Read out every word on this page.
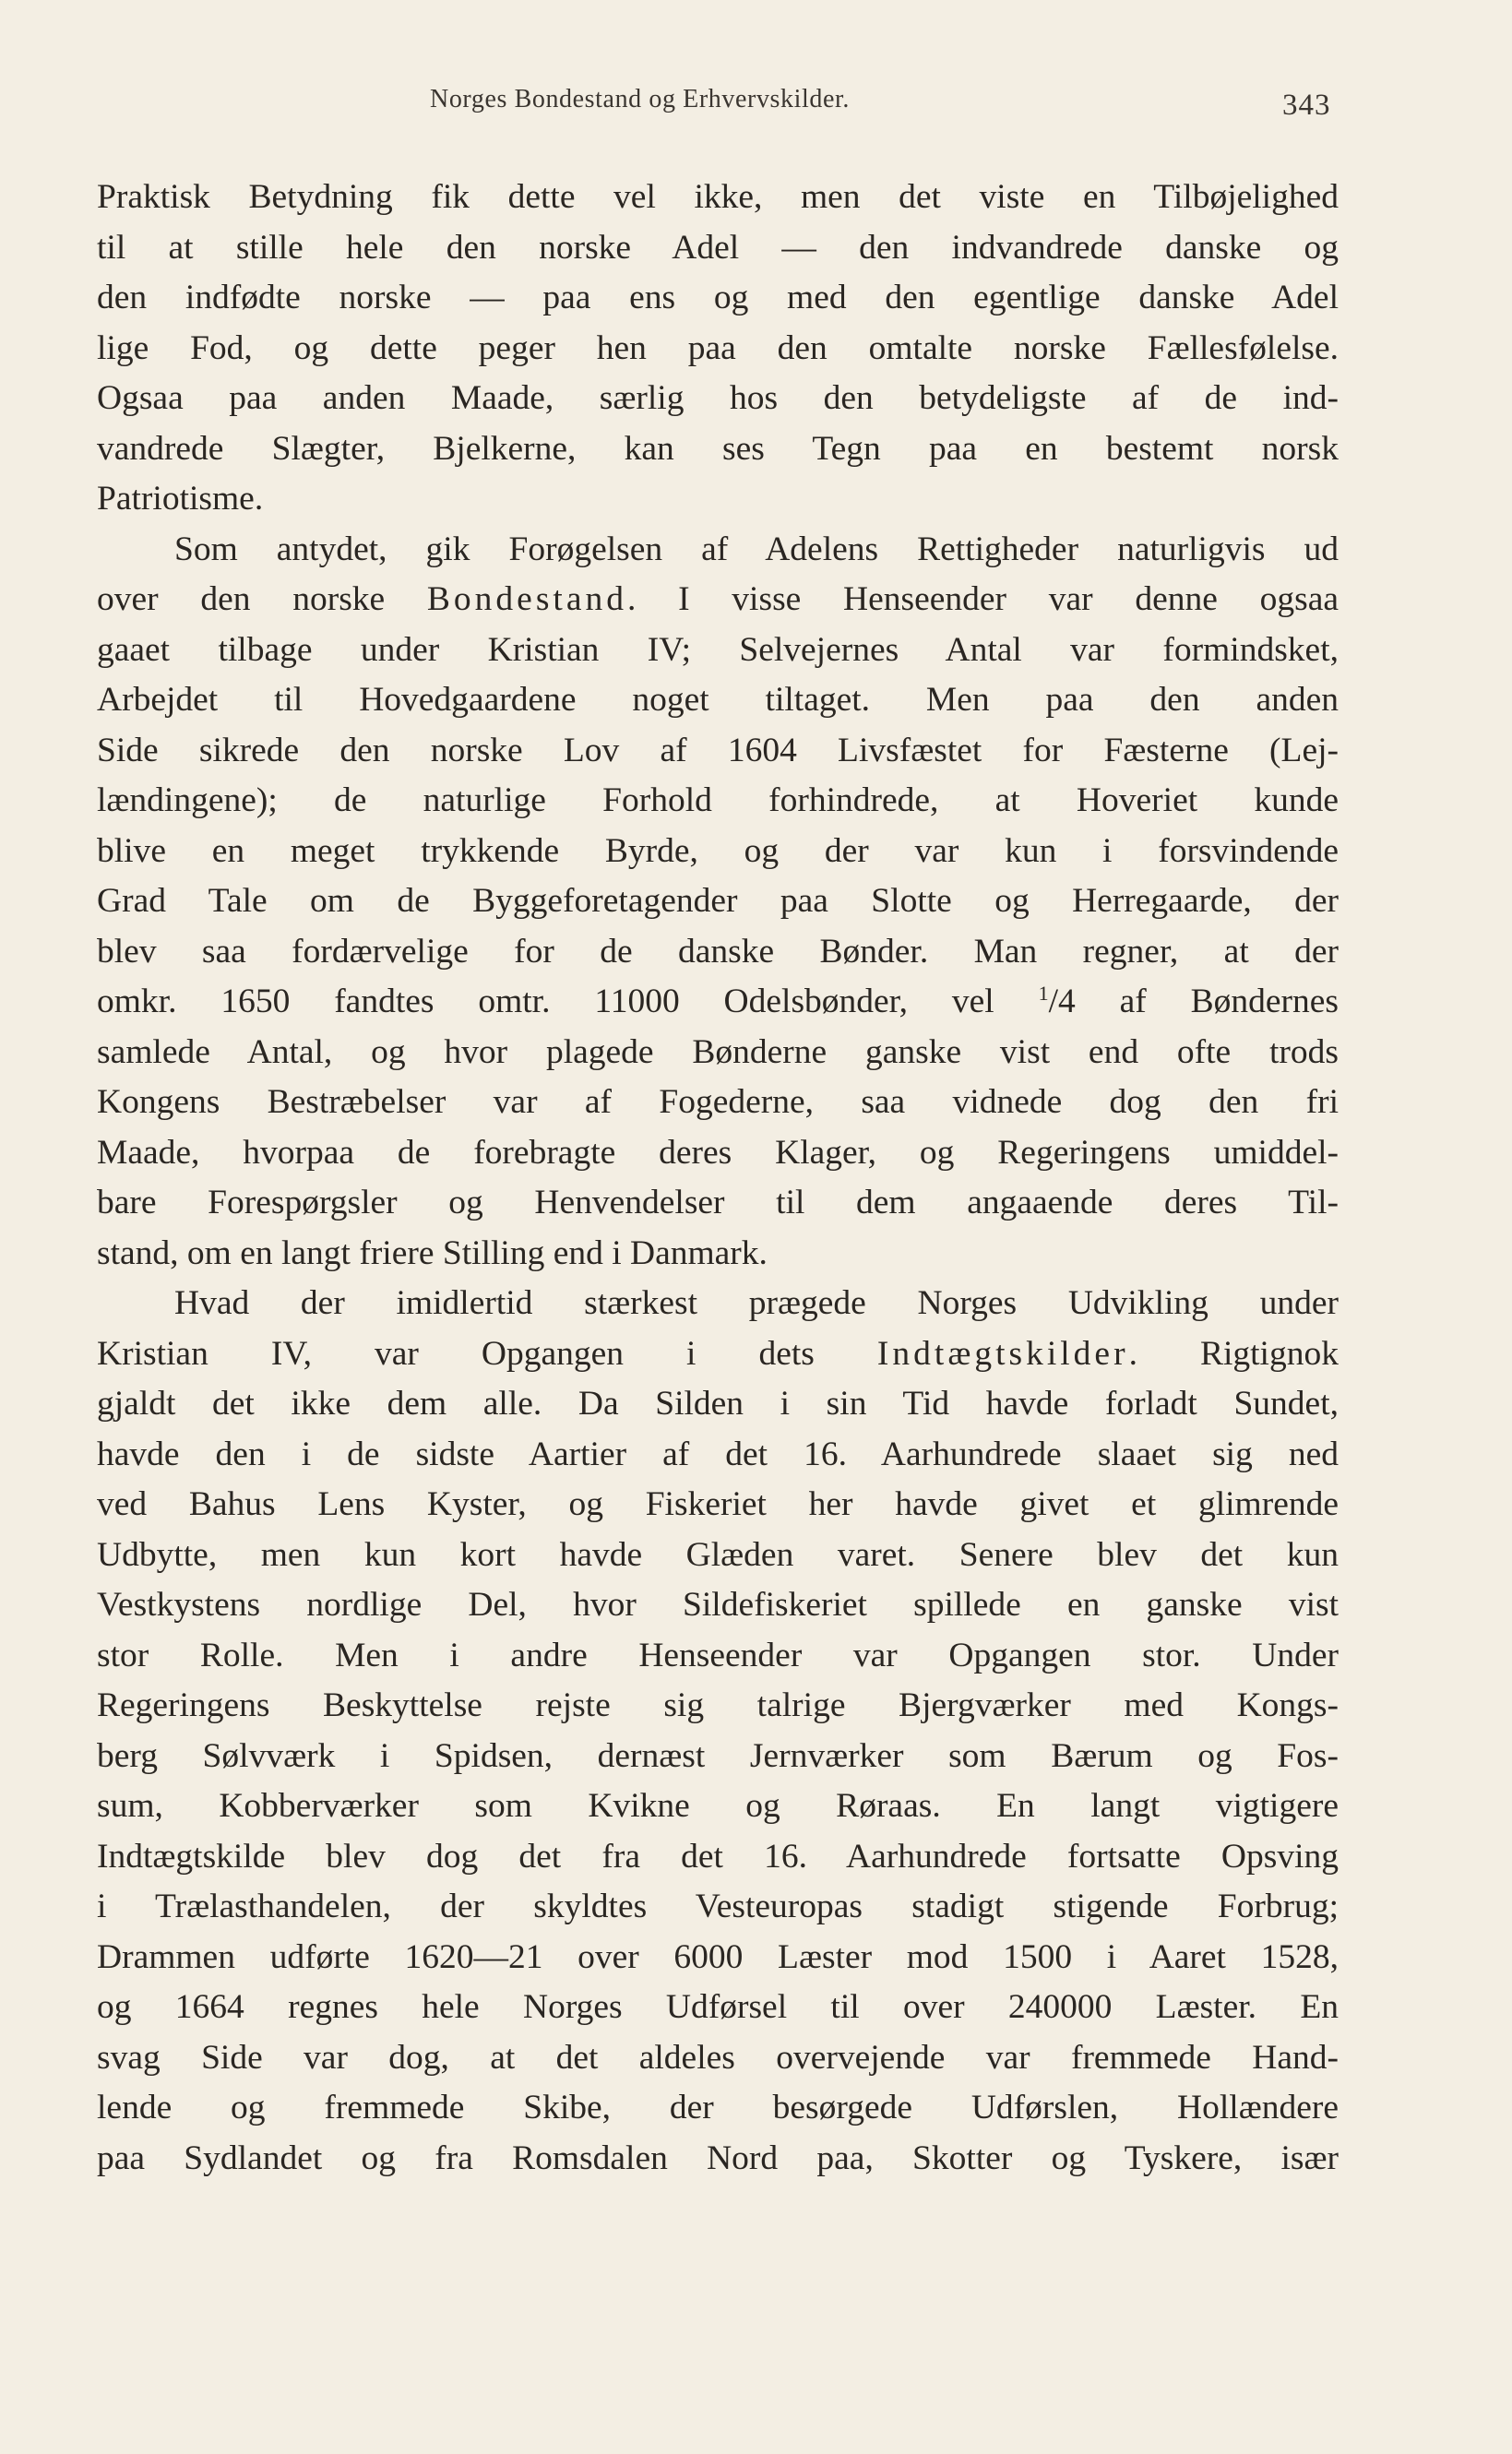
Norges Bondestand og Erhvervskilder.	343
Praktisk Betydning fik dette vel ikke, men det viste en Tilbøjelighed
til at stille hele den norske Adel — den indvandrede danske og
den indfødte norske — paa ens og med den egentlige danske Adel
lige Fod, og dette peger hen paa den omtalte norske Fællesfølelse.
Ogsaa paa anden Maade, særlig hos den betydeligste af de ind-
vandrede Slægter, Bjelkerne, kan ses Tegn paa en bestemt norsk
Patriotisme.
Som antydet, gik Forøgelsen af Adelens Rettigheder naturligvis ud
over den norske Bondestand. I visse Henseender var denne ogsaa
gaaet tilbage under Kristian IV; Selvejernes Antal var formindsket,
Arbejdet til Hovedgaardene noget tiltaget. Men paa den anden
Side sikrede den norske Lov af 1604 Livsfæstet for Fæsterne (Lej-
lændingene); de naturlige Forhold forhindrede, at Hoveriet kunde
blive en meget trykkende Byrde, og der var kun i forsvindende
Grad Tale om de Byggeforetagender paa Slotte og Herregaarde, der
blev saa fordærvelige for de danske Bønder. Man regner, at der
omkr. 1650 fandtes omtr. 11000 Odelsbønder, vel $^1$/4 af Bøndernes
samlede Antal, og hvor plagede Bønderne ganske vist end ofte trods
Kongens Bestræbelser var af Fogederne, saa vidnede dog den fri
Maade, hvorpaa de forebragte deres Klager, og Regeringens umiddel-
bare Forespørgsler og Henvendelser til dem angaaende deres Til-
stand, om en langt friere Stilling end i Danmark.
Hvad der imidlertid stærkest prægede Norges Udvikling under
Kristian IV, var Opgangen i dets Indtægtskilder. Rigtignok
gjaldt det ikke dem alle. Da Silden i sin Tid havde forladt Sundet,
havde den i de sidste Aartier af det 16. Aarhundrede slaaet sig ned
ved Bahus Lens Kyster, og Fiskeriet her havde givet et glimrende
Udbytte, men kun kort havde Glæden varet. Senere blev det kun
Vestkystens nordlige Del, hvor Sildefiskeriet spillede en ganske vist
stor Rolle. Men i andre Henseender var Opgangen stor. Under
Regeringens Beskyttelse rejste sig talrige Bjergværker med Kongs-
berg Sølvværk i Spidsen, dernæst Jernværker som Bærum og Fos-
sum, Kobberværker som Kvikne og Røraas. En langt vigtigere
Indtægtskilde blev dog det fra det 16. Aarhundrede fortsatte Opsving
i Trælasthandelen, der skyldtes Vesteuropas stadigt stigende Forbrug;
Drammen udførte 1620—21 over 6000 Læster mod 1500 i Aaret 1528,
og 1664 regnes hele Norges Udførsel til over 240000 Læster. En
svag Side var dog, at det aldeles overvejende var fremmede Hand-
lende og fremmede Skibe, der besørgede Udførslen, Hollændere
paa Sydlandet og fra Romsdalen Nord paa, Skotter og Tyskere, især
